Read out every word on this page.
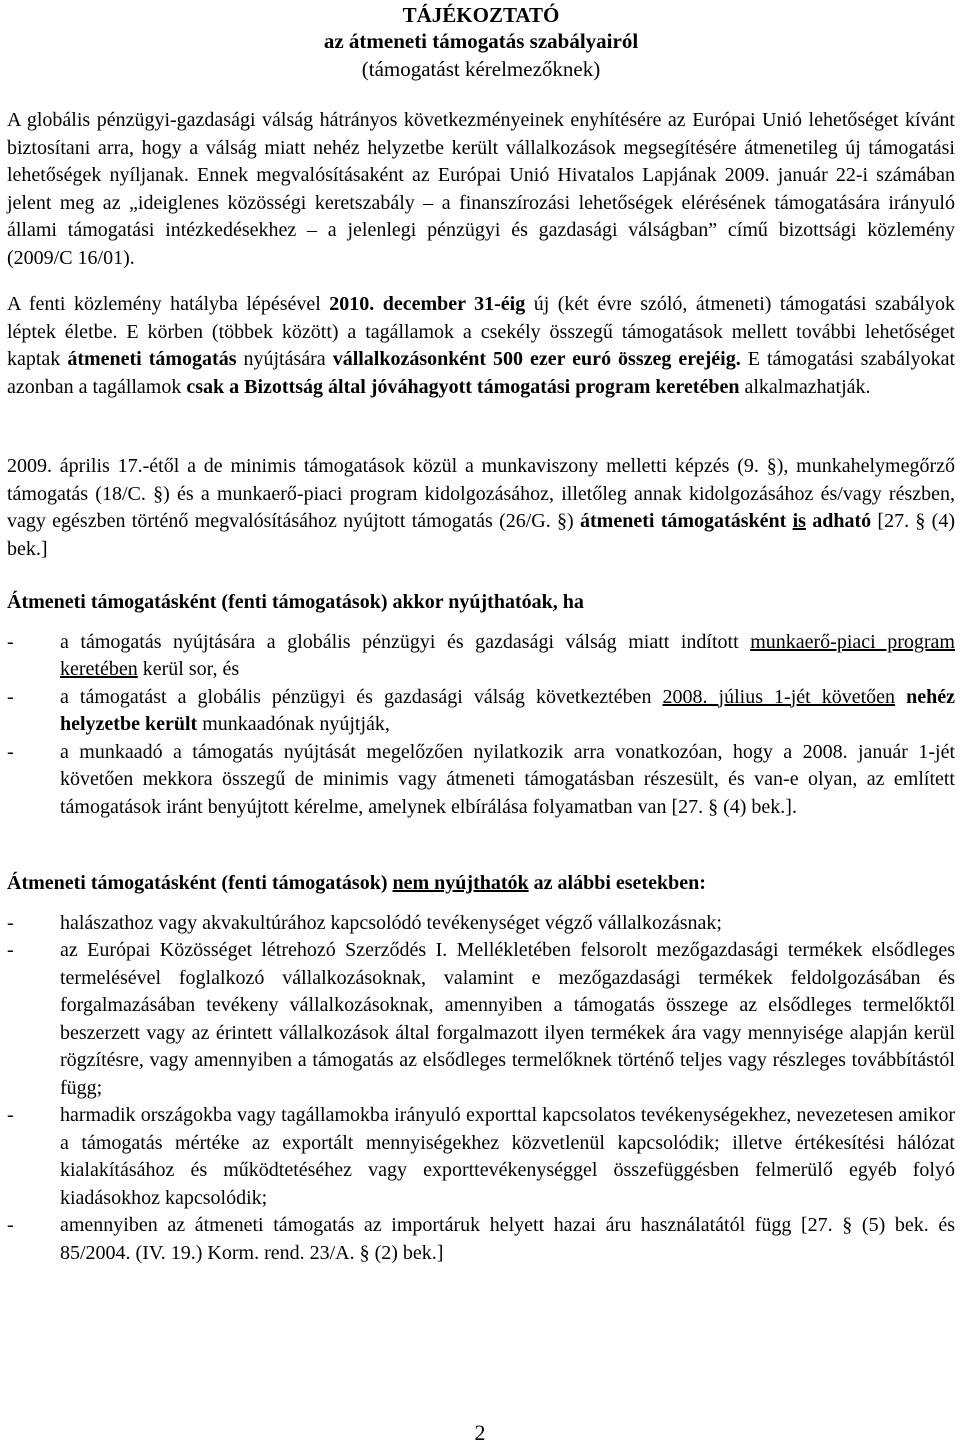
TÁJÉKOZTATÓ
az átmeneti támogatás szabályairól
(támogatást kérelmezőknek)

A globális pénzügyi-gazdasági válság hátrányos következményeinek enyhítésére az Európai Unió lehetőséget kívánt biztosítani arra, hogy a válság miatt nehéz helyzetbe került vállalkozások megsegítésére átmenetileg új támogatási lehetőségek nyíljanak. Ennek megvalósításaként az Európai Unió Hivatalos Lapjának 2009. január 22-i számában jelent meg az „ideiglenes közösségi keretszabály – a finanszírozási lehetőségek elérésének támogatására irányuló állami támogatási intézkedésekhez – a jelenlegi pénzügyi és gazdasági válságban” című bizottsági közlemény (2009/C 16/01).

A fenti közlemény hatályba lépésével 2010. december 31-éig új (két évre szóló, átmeneti) támogatási szabályok léptek életbe. E körben (többek között) a tagállamok a csekély összegű támogatások mellett további lehetőséget kaptak átmeneti támogatás nyújtására vállalkozásonként 500 ezer euró összeg erejéig. E támogatási szabályokat azonban a tagállamok csak a Bizottság által jóváhagyott támogatási program keretében alkalmazhatják.

2009. április 17.-étől a de minimis támogatások közül a munkaviszony melletti képzés (9. §), munkahelymegőrző támogatás (18/C. §) és a munkaerő-piaci program kidolgozásához, illetőleg annak kidolgozásához és/vagy részben, vagy egészben történő megvalósításához nyújtott támogatás (26/G. §) átmeneti támogatásként is adható [27. § (4) bek.]

Átmeneti támogatásként (fenti támogatások) akkor nyújthatóak, ha
- a támogatás nyújtására a globális pénzügyi és gazdasági válság miatt indított munkaerő-piaci program keretében kerül sor, és
- a támogatást a globális pénzügyi és gazdasági válság következtében 2008. július 1-jét követően nehéz helyzetbe került munkaadónak nyújtják,
- a munkaadó a támogatás nyújtását megelőzően nyilatkozik arra vonatkozóan, hogy a 2008. január 1-jét követően mekkora összegű de minimis vagy átmeneti támogatásban részesült, és van-e olyan, az említett támogatások iránt benyújtott kérelme, amelynek elbírálása folyamatban van [27. § (4) bek.].
Átmeneti támogatásként (fenti támogatások) nem nyújthatók az alábbi esetekben:
- halászathoz vagy akvakultúrához kapcsolódó tevékenységet végző vállalkozásnak;
- az Európai Közösséget létrehozó Szerződés I. Mellékletében felsorolt mezőgazdasági termékek elsődleges termelésével foglalkozó vállalkozásoknak, valamint e mezőgazdasági termékek feldolgozásában és forgalmazásában tevékeny vállalkozásoknak, amennyiben a támogatás összege az elsődleges termelőktől beszerzett vagy az érintett vállalkozások által forgalmazott ilyen termékek ára vagy mennyisége alapján kerül rögzítésre, vagy amennyiben a támogatás az elsődleges termelőknek történő teljes vagy részleges továbbítástól függ;
- harmadik országokba vagy tagállamokba irányuló exporttal kapcsolatos tevékenységekhez, nevezetesen amikor a támogatás mértéke az exportált mennyiségekhez közvetlenül kapcsolódik; illetve értékesítési hálózat kialakításához és működtetéséhez vagy exporttevékenységgel összefüggésben felmerülő egyéb folyó kiadásokhoz kapcsolódik;
- amennyiben az átmeneti támogatás az importáruk helyett hazai áru használatától függ [27. § (5) bek. és 85/2004. (IV. 19.) Korm. rend. 23/A. § (2) bek.]
2
